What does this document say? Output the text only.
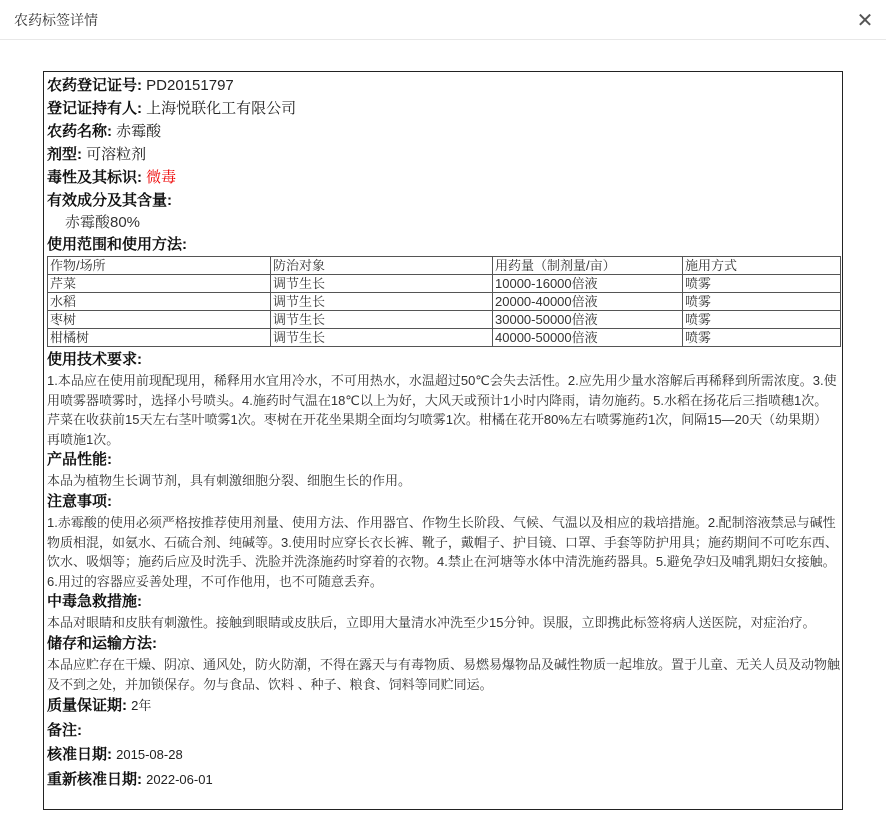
农药标签详情	✕
农药登记证号: PD20151797
登记证持有人: 上海悦联化工有限公司
农药名称: 赤霉酸
剂型: 可溶粒剂
毒性及其标识: 微毒
有效成分及其含量:
赤霉酸80%
使用范围和使用方法:
作物/场所	防治对象	用药量（制剂量/亩）	施用方式
芹菜	调节生长	10000-16000倍液	喷雾
水稻	调节生长	20000-40000倍液	喷雾
枣树	调节生长	30000-50000倍液	喷雾
柑橘树	调节生长	40000-50000倍液	喷雾
使用技术要求:
1.本品应在使用前现配现用，稀释用水宜用冷水，不可用热水，水温超过50℃会失去活性。2.应先用少量水溶解后再稀释到所需浓度。3.使用喷雾器喷雾时，选择小号喷头。4.施药时气温在18℃以上为好，大风天或预计1小时内降雨，请勿施药。5.水稻在扬花后三指喷穗1次。芹菜在收获前15天左右茎叶喷雾1次。枣树在开花坐果期全面均匀喷雾1次。柑橘在花开80%左右喷雾施药1次，间隔15—20天（幼果期）再喷施1次。
产品性能:
本品为植物生长调节剂，具有刺激细胞分裂、细胞生长的作用。
注意事项:
1.赤霉酸的使用必须严格按推荐使用剂量、使用方法、作用器官、作物生长阶段、气候、气温以及相应的栽培措施。2.配制溶液禁忌与碱性物质相混，如氨水、石硫合剂、纯碱等。3.使用时应穿长衣长裤、靴子，戴帽子、护目镜、口罩、手套等防护用具；施药期间不可吃东西、饮水、吸烟等；施药后应及时洗手、洗脸并洗涤施药时穿着的衣物。4.禁止在河塘等水体中清洗施药器具。5.避免孕妇及哺乳期妇女接触。6.用过的容器应妥善处理，不可作他用，也不可随意丢弃。
中毒急救措施:
本品对眼睛和皮肤有刺激性。接触到眼睛或皮肤后，立即用大量清水冲洗至少15分钟。误服，立即携此标签将病人送医院，对症治疗。
储存和运输方法:
本品应贮存在干燥、阴凉、通风处，防火防潮，不得在露天与有毒物质、易燃易爆物品及碱性物质一起堆放。置于儿童、无关人员及动物触及不到之处，并加锁保存。勿与食品、饮料 、种子、粮食、饲料等同贮同运。
质量保证期: 2年
备注:
核准日期: 2015-08-28
重新核准日期: 2022-06-01
